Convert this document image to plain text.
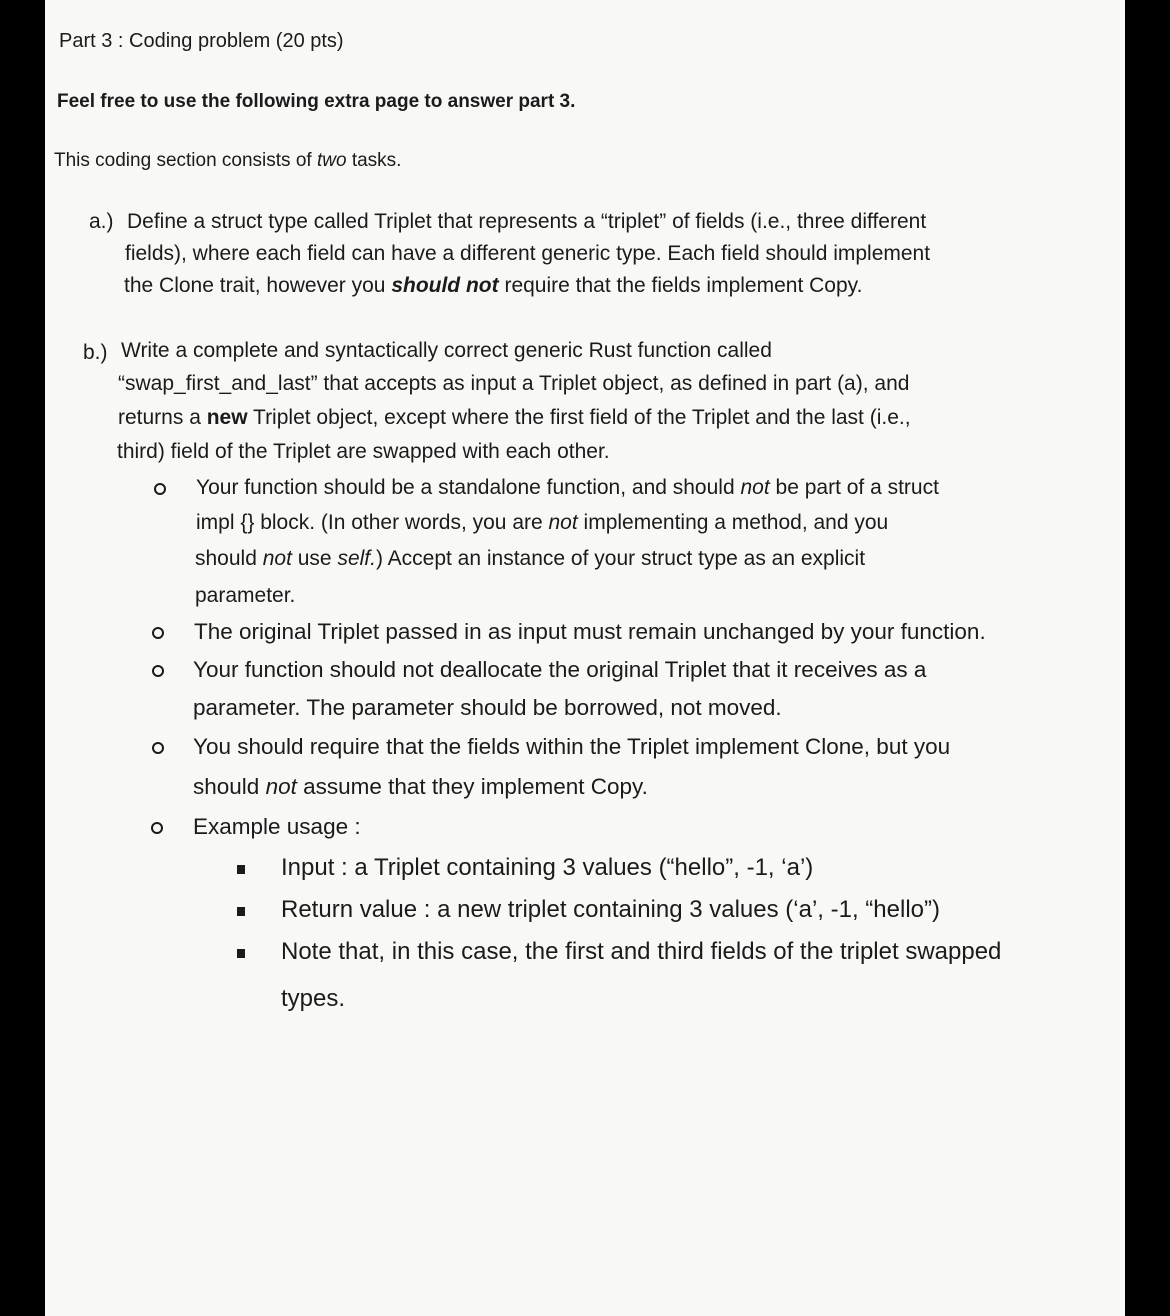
Part 3 : Coding problem (20 pts)
Feel free to use the following extra page to answer part 3.
This coding section consists of two tasks.
a.) Define a struct type called Triplet that represents a “triplet” of fields (i.e., three different
fields), where each field can have a different generic type. Each field should implement
the Clone trait, however you should not require that the fields implement Copy.
b.) Write a complete and syntactically correct generic Rust function called
“swap_first_and_last” that accepts as input a Triplet object, as defined in part (a), and
returns a new Triplet object, except where the first field of the Triplet and the last (i.e.,
third) field of the Triplet are swapped with each other.
Your function should be a standalone function, and should not be part of a struct
impl {} block. (In other words, you are not implementing a method, and you
should not use self.) Accept an instance of your struct type as an explicit
parameter.
The original Triplet passed in as input must remain unchanged by your function.
Your function should not deallocate the original Triplet that it receives as a
parameter. The parameter should be borrowed, not moved.
You should require that the fields within the Triplet implement Clone, but you
should not assume that they implement Copy.
Example usage :
Input : a Triplet containing 3 values (“hello”, -1, ‘a’)
Return value : a new triplet containing 3 values (‘a’, -1, “hello”)
Note that, in this case, the first and third fields of the triplet swapped
types.
